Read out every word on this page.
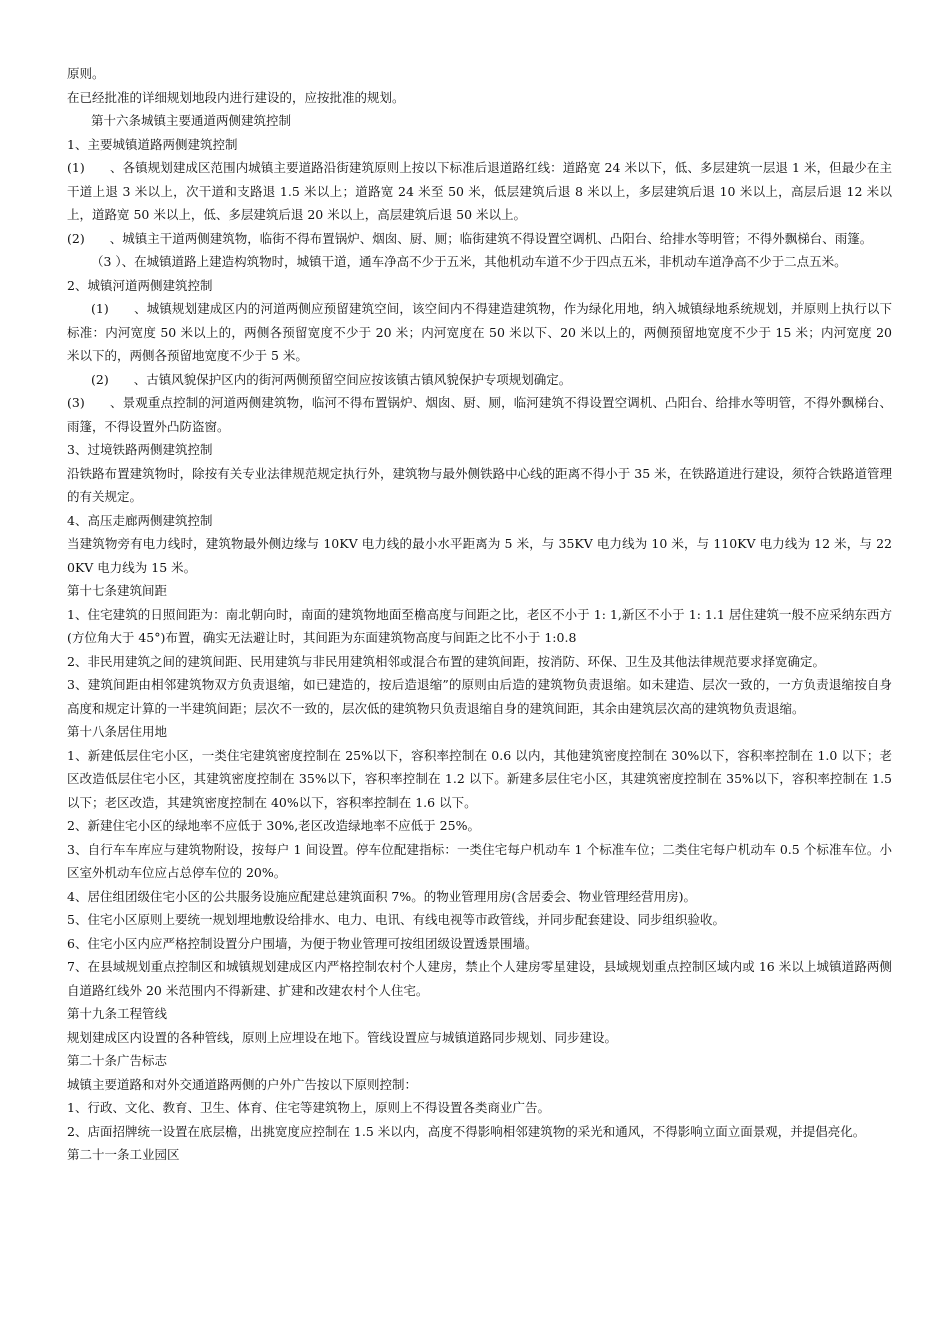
原则。

在已经批准的详细规划地段内进行建设的，应按批准的规划。

第十六条城镇主要通道两侧建筑控制

1、主要城镇道路两侧建筑控制

(1)　　、各镇规划建成区范围内城镇主要道路沿街建筑原则上按以下标准后退道路红线：道路宽 24 米以下，低、多层建筑一层退 1 米，但最少在主干道上退 3 米以上，次干道和支路退 1.5 米以上；道路宽 24 米至 50 米，低层建筑后退 8 米以上，多层建筑后退 10 米以上，高层后退 12 米以上，道路宽 50 米以上，低、多层建筑后退 20 米以上，高层建筑后退 50 米以上。

(2)　　、城镇主干道两侧建筑物，临街不得布置锅炉、烟囱、厨、厕；临街建筑不得设置空调机、凸阳台、给排水等明管；不得外飘梯台、雨篷。

（3 ）、在城镇道路上建造构筑物时，城镇干道，通车净高不少于五米，其他机动车道不少于四点五米，非机动车道净高不少于二点五米。

2、城镇河道两侧建筑控制

(1)　　、城镇规划建成区内的河道两侧应预留建筑空间，该空间内不得建造建筑物，作为绿化用地，纳入城镇绿地系统规划，并原则上执行以下标准：内河宽度 50 米以上的，两侧各预留宽度不少于 20 米；内河宽度在 50 米以下、20 米以上的，两侧预留地宽度不少于 15 米；内河宽度 20 米以下的，两侧各预留地宽度不少于 5 米。

(2)　　、古镇风貌保护区内的街河两侧预留空间应按该镇古镇风貌保护专项规划确定。

(3)　　、景观重点控制的河道两侧建筑物，临河不得布置锅炉、烟囱、厨、厕，临河建筑不得设置空调机、凸阳台、给排水等明管，不得外飘梯台、雨篷，不得设置外凸防盗窗。

3、过境铁路两侧建筑控制

沿铁路布置建筑物时，除按有关专业法律规范规定执行外，建筑物与最外侧铁路中心线的距离不得小于 35 米，在铁路道进行建设，须符合铁路道管理的有关规定。

4、高压走廊两侧建筑控制

当建筑物旁有电力线时，建筑物最外侧边缘与 10KV 电力线的最小水平距离为 5 米，与 35KV 电力线为 10 米，与 110KV 电力线为 12 米，与 220KV 电力线为 15 米。

第十七条建筑间距

1、住宅建筑的日照间距为：南北朝向时，南面的建筑物地面至檐高度与间距之比，老区不小于 1: 1,新区不小于 1: 1.1 居住建筑一般不应采纳东西方(方位角大于 45°)布置，确实无法避让时，其间距为东面建筑物高度与间距之比不小于 1:0.8

2、非民用建筑之间的建筑间距、民用建筑与非民用建筑相邻或混合布置的建筑间距，按消防、环保、卫生及其他法律规范要求择宽确定。

3、建筑间距由相邻建筑物双方负责退缩，如已建造的，按后造退缩”的原则由后造的建筑物负责退缩。如未建造、层次一致的，一方负责退缩按自身高度和规定计算的一半建筑间距；层次不一致的，层次低的建筑物只负责退缩自身的建筑间距，其余由建筑层次高的建筑物负责退缩。

第十八条居住用地

1、新建低层住宅小区，一类住宅建筑密度控制在 25%以下，容积率控制在 0.6 以内，其他建筑密度控制在 30%以下，容积率控制在 1.0 以下；老区改造低层住宅小区，其建筑密度控制在 35%以下，容积率控制在 1.2 以下。新建多层住宅小区，其建筑密度控制在 35%以下，容积率控制在 1.5 以下；老区改造，其建筑密度控制在 40%以下，容积率控制在 1.6 以下。

2、新建住宅小区的绿地率不应低于 30%,老区改造绿地率不应低于 25%。

3、自行车车库应与建筑物附设，按每户 1 间设置。停车位配建指标：一类住宅每户机动车 1 个标准车位；二类住宅每户机动车 0.5 个标准车位。小区室外机动车位应占总停车位的 20%。

4、居住组团级住宅小区的公共服务设施应配建总建筑面积 7%。的物业管理用房(含居委会、物业管理经营用房)。

5、住宅小区原则上要统一规划埋地敷设给排水、电力、电讯、有线电视等市政管线，并同步配套建设、同步组织验收。

6、住宅小区内应严格控制设置分户围墙，为便于物业管理可按组团级设置透景围墙。

7、在县域规划重点控制区和城镇规划建成区内严格控制农村个人建房，禁止个人建房零星建设，县域规划重点控制区域内或 16 米以上城镇道路两侧自道路红线外 20 米范围内不得新建、扩建和改建农村个人住宅。

第十九条工程管线

规划建成区内设置的各种管线，原则上应埋设在地下。管线设置应与城镇道路同步规划、同步建设。

第二十条广告标志

城镇主要道路和对外交通道路两侧的户外广告按以下原则控制：

1、行政、文化、教育、卫生、体育、住宅等建筑物上，原则上不得设置各类商业广告。

2、店面招牌统一设置在底层檐，出挑宽度应控制在 1.5 米以内，高度不得影响相邻建筑物的采光和通风，不得影响立面立面景观，并提倡亮化。

第二十一条工业园区
